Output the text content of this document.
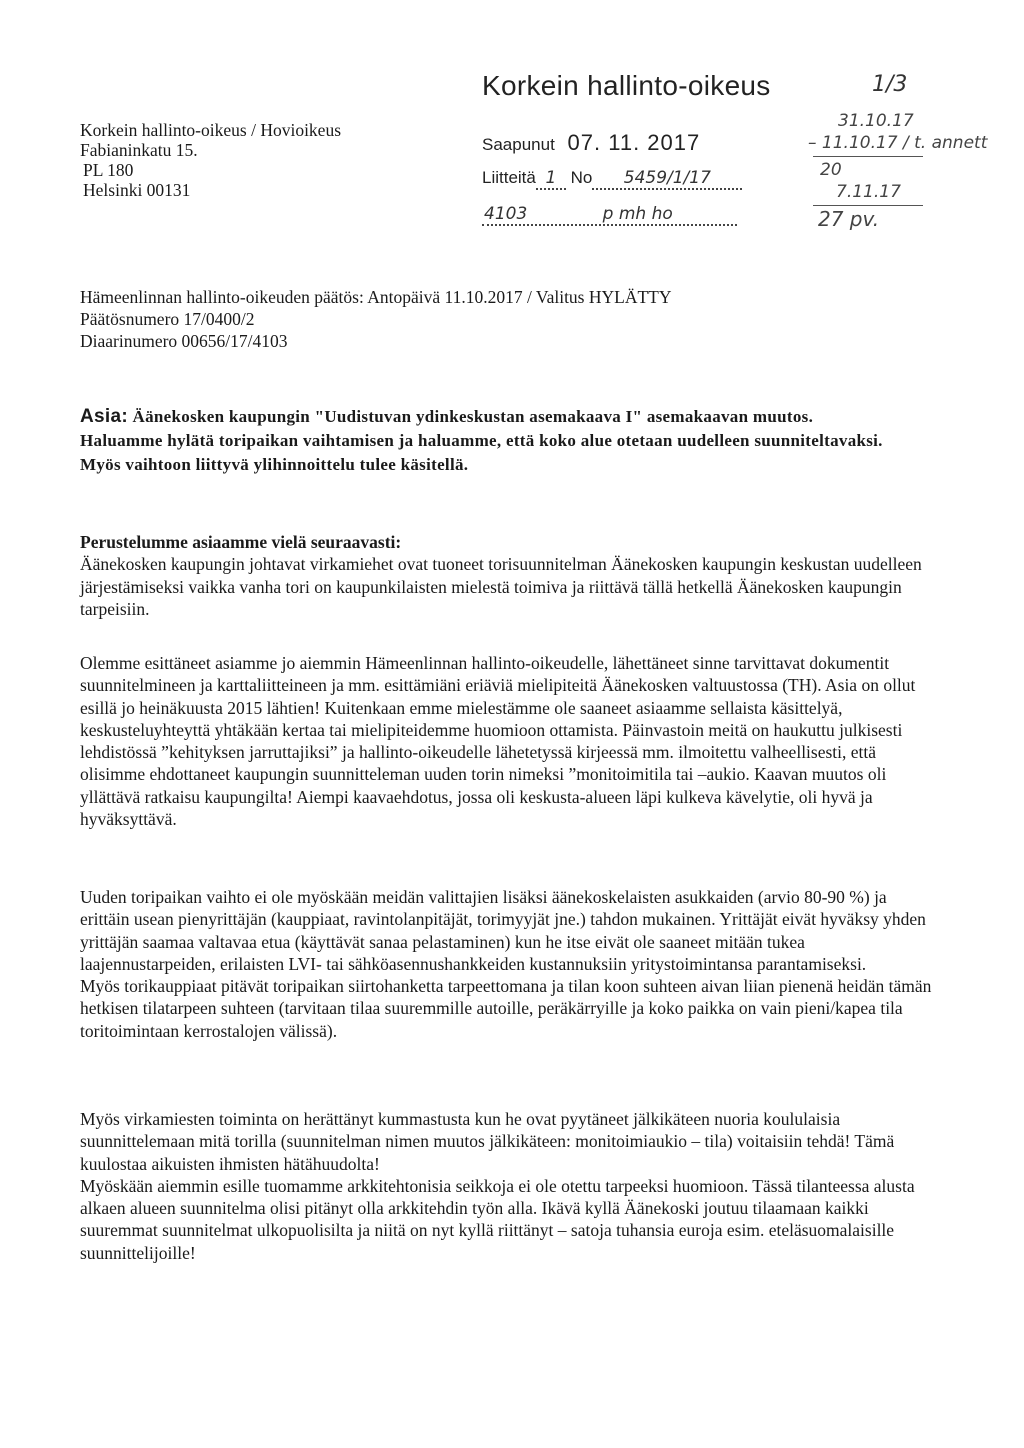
Korkein hallinto-oikeus	1/3
Korkein hallinto-oikeus / Hovioikeus
Fabianinkatu 15.
PL 180
Helsinki 00131
Saapunut 07. 11. 2017
Liitteitä 1 No 5459/1/17
4103	p mh ho
31.10.17
– 11.10.17 / t. annett
20
7.11.17
27 pv.
Hämeenlinnan hallinto-oikeuden päätös: Antopäivä 11.10.2017 / Valitus HYLÄTTY
Päätösnumero 17/0400/2
Diaarinumero 00656/17/4103
Asia: Äänekosken kaupungin "Uudistuvan ydinkeskustan asemakaava I" asemakaavan muutos. Haluamme hylätä toripaikan vaihtamisen ja haluamme, että koko alue otetaan uudelleen suunniteltavaksi. Myös vaihtoon liittyvä ylihinnoittelu tulee käsitellä.

Perustelumme asiaamme vielä seuraavasti:

Äänekosken kaupungin johtavat virkamiehet ovat tuoneet torisuunnitelman Äänekosken kaupungin keskustan uudelleen järjestämiseksi vaikka vanha tori on kaupunkilaisten mielestä toimiva ja riittävä tällä hetkellä Äänekosken kaupungin tarpeisiin.

Olemme esittäneet asiamme jo aiemmin Hämeenlinnan hallinto-oikeudelle, lähettäneet sinne tarvittavat dokumentit suunnitelmineen ja karttaliitteineen ja mm. esittämiäni eriäviä mielipiteitä Äänekosken valtuustossa (TH). Asia on ollut esillä jo heinäkuusta 2015 lähtien! Kuitenkaan emme mielestämme ole saaneet asiaamme sellaista käsittelyä, keskusteluyhteyttä yhtäkään kertaa tai mielipiteidemme huomioon ottamista. Päinvastoin meitä on haukuttu julkisesti lehdistössä ”kehityksen jarruttajiksi” ja hallinto-oikeudelle lähetetyssä kirjeessä mm. ilmoitettu valheellisesti, että olisimme ehdottaneet kaupungin suunnitteleman uuden torin nimeksi ”monitoimitila tai –aukio. Kaavan muutos oli yllättävä ratkaisu kaupungilta! Aiempi kaavaehdotus, jossa oli keskusta-alueen läpi kulkeva kävelytie, oli hyvä ja hyväksyttävä.

Uuden toripaikan vaihto ei ole myöskään meidän valittajien lisäksi äänekoskelaisten asukkaiden (arvio 80-90 %) ja erittäin usean pienyrittäjän (kauppiaat, ravintolanpitäjät, torimyyjät jne.) tahdon mukainen. Yrittäjät eivät hyväksy yhden yrittäjän saamaa valtavaa etua (käyttävät sanaa pelastaminen) kun he itse eivät ole saaneet mitään tukea laajennustarpeiden, erilaisten LVI- tai sähköasennushankkeiden kustannuksiin yritystoimintansa parantamiseksi.

Myös torikauppiaat pitävät toripaikan siirtohanketta tarpeettomana ja tilan koon suhteen aivan liian pienenä heidän tämän hetkisen tilatarpeen suhteen (tarvitaan tilaa suuremmille autoille, peräkärryille ja koko paikka on vain pieni/kapea tila toritoimintaan kerrostalojen välissä).

Myös virkamiesten toiminta on herättänyt kummastusta kun he ovat pyytäneet jälkikäteen nuoria koululaisia suunnittelemaan mitä torilla (suunnitelman nimen muutos jälkikäteen: monitoimiaukio – tila) voitaisiin tehdä! Tämä kuulostaa aikuisten ihmisten hätähuudolta!

Myöskään aiemmin esille tuomamme arkkitehtonisia seikkoja ei ole otettu tarpeeksi huomioon. Tässä tilanteessa alusta alkaen alueen suunnitelma olisi pitänyt olla arkkitehdin työn alla. Ikävä kyllä Äänekoski joutuu tilaamaan kaikki suuremmat suunnitelmat ulkopuolisilta ja niitä on nyt kyllä riittänyt – satoja tuhansia euroja esim. eteläsuomalaisille suunnittelijoille!
